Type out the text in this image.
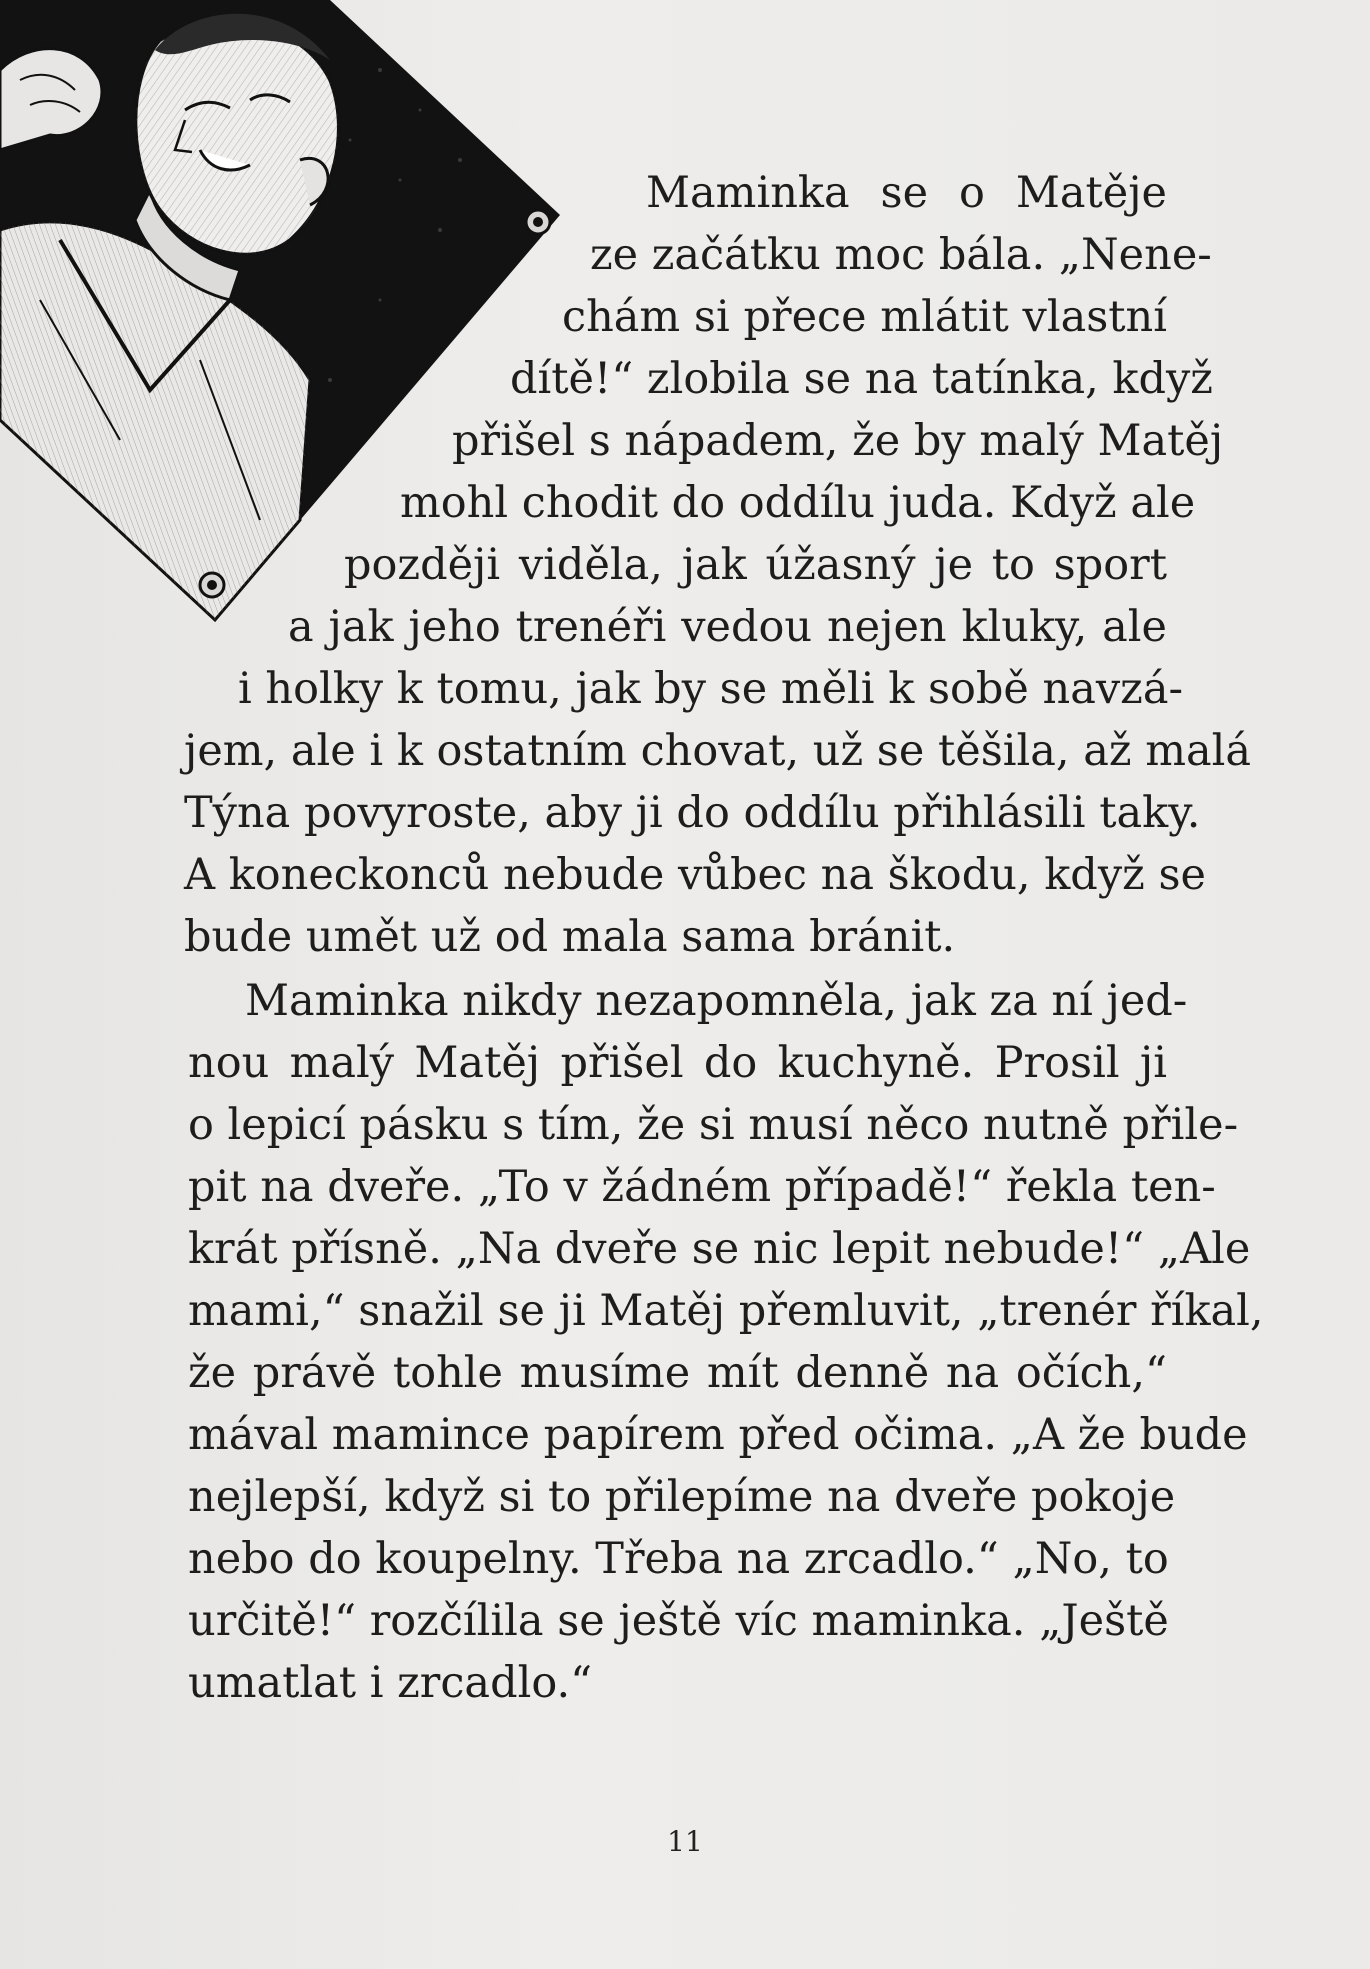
Maminka se o Matěje
ze začátku moc bála. „Nene-
chám si přece mlátit vlastní
dítě!“ zlobila se na tatínka, když
přišel s nápadem, že by malý Matěj
mohl chodit do oddílu juda. Když ale
později viděla, jak úžasný je to sport
a jak jeho trenéři vedou nejen kluky, ale
i holky k tomu, jak by se měli k sobě navzá-
jem, ale i k ostatním chovat, už se těšila, až malá
Týna povyroste, aby ji do oddílu přihlásili taky.
A koneckonců nebude vůbec na škodu, když se
bude umět už od mala sama bránit.
Maminka nikdy nezapomněla, jak za ní jed-
nou malý Matěj přišel do kuchyně. Prosil ji
o lepicí pásku s tím, že si musí něco nutně přile-
pit na dveře. „To v žádném případě!“ řekla ten-
krát přísně. „Na dveře se nic lepit nebude!“ „Ale
mami,“ snažil se ji Matěj přemluvit, „trenér říkal,
že právě tohle musíme mít denně na očích,“
mával mamince papírem před očima. „A že bude
nejlepší, když si to přilepíme na dveře pokoje
nebo do koupelny. Třeba na zrcadlo.“ „No, to
určitě!“ rozčílila se ještě víc maminka. „Ještě
umatlat i zrcadlo.“
11
